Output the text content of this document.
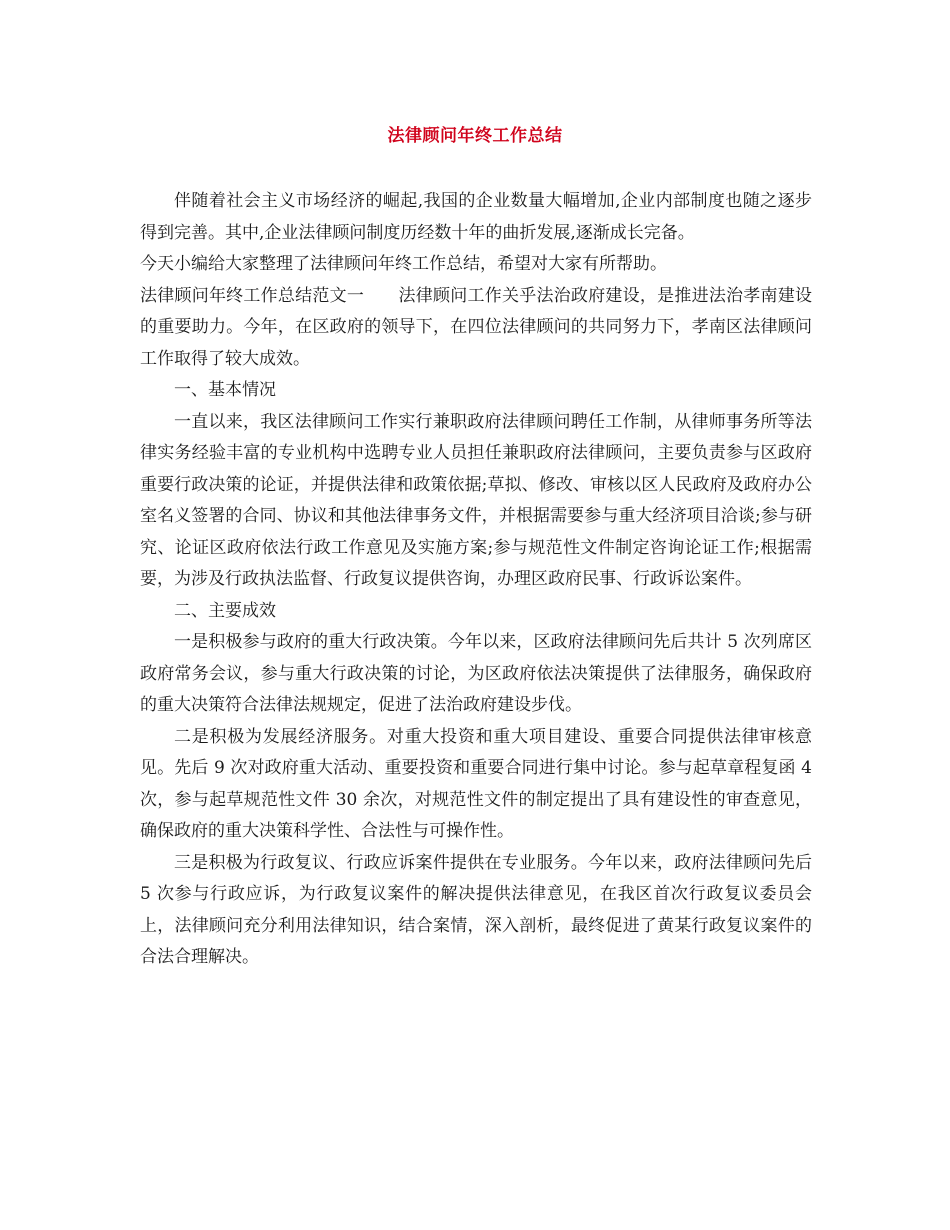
法律顾问年终工作总结

伴随着社会主义市场经济的崛起,我国的企业数量大幅增加,企业内部制度也随之逐步得到完善。其中,企业法律顾问制度历经数十年的曲折发展,逐渐成长完备。

今天小编给大家整理了法律顾问年终工作总结，希望对大家有所帮助。

法律顾问年终工作总结范文一　　法律顾问工作关乎法治政府建设，是推进法治孝南建设的重要助力。今年，在区政府的领导下，在四位法律顾问的共同努力下，孝南区法律顾问工作取得了较大成效。

一、基本情况

一直以来，我区法律顾问工作实行兼职政府法律顾问聘任工作制，从律师事务所等法律实务经验丰富的专业机构中选聘专业人员担任兼职政府法律顾问，主要负责参与区政府重要行政决策的论证，并提供法律和政策依据;草拟、修改、审核以区人民政府及政府办公室名义签署的合同、协议和其他法律事务文件，并根据需要参与重大经济项目洽谈;参与研究、论证区政府依法行政工作意见及实施方案;参与规范性文件制定咨询论证工作;根据需要，为涉及行政执法监督、行政复议提供咨询，办理区政府民事、行政诉讼案件。

二、主要成效

一是积极参与政府的重大行政决策。今年以来，区政府法律顾问先后共计 5 次列席区政府常务会议，参与重大行政决策的讨论，为区政府依法决策提供了法律服务，确保政府的重大决策符合法律法规规定，促进了法治政府建设步伐。

二是积极为发展经济服务。对重大投资和重大项目建设、重要合同提供法律审核意见。先后 9 次对政府重大活动、重要投资和重要合同进行集中讨论。参与起草章程复函 4 次，参与起草规范性文件 30 余次，对规范性文件的制定提出了具有建设性的审查意见，确保政府的重大决策科学性、合法性与可操作性。

三是积极为行政复议、行政应诉案件提供在专业服务。今年以来，政府法律顾问先后 5 次参与行政应诉，为行政复议案件的解决提供法律意见，在我区首次行政复议委员会上，法律顾问充分利用法律知识，结合案情，深入剖析，最终促进了黄某行政复议案件的合法合理解决。
